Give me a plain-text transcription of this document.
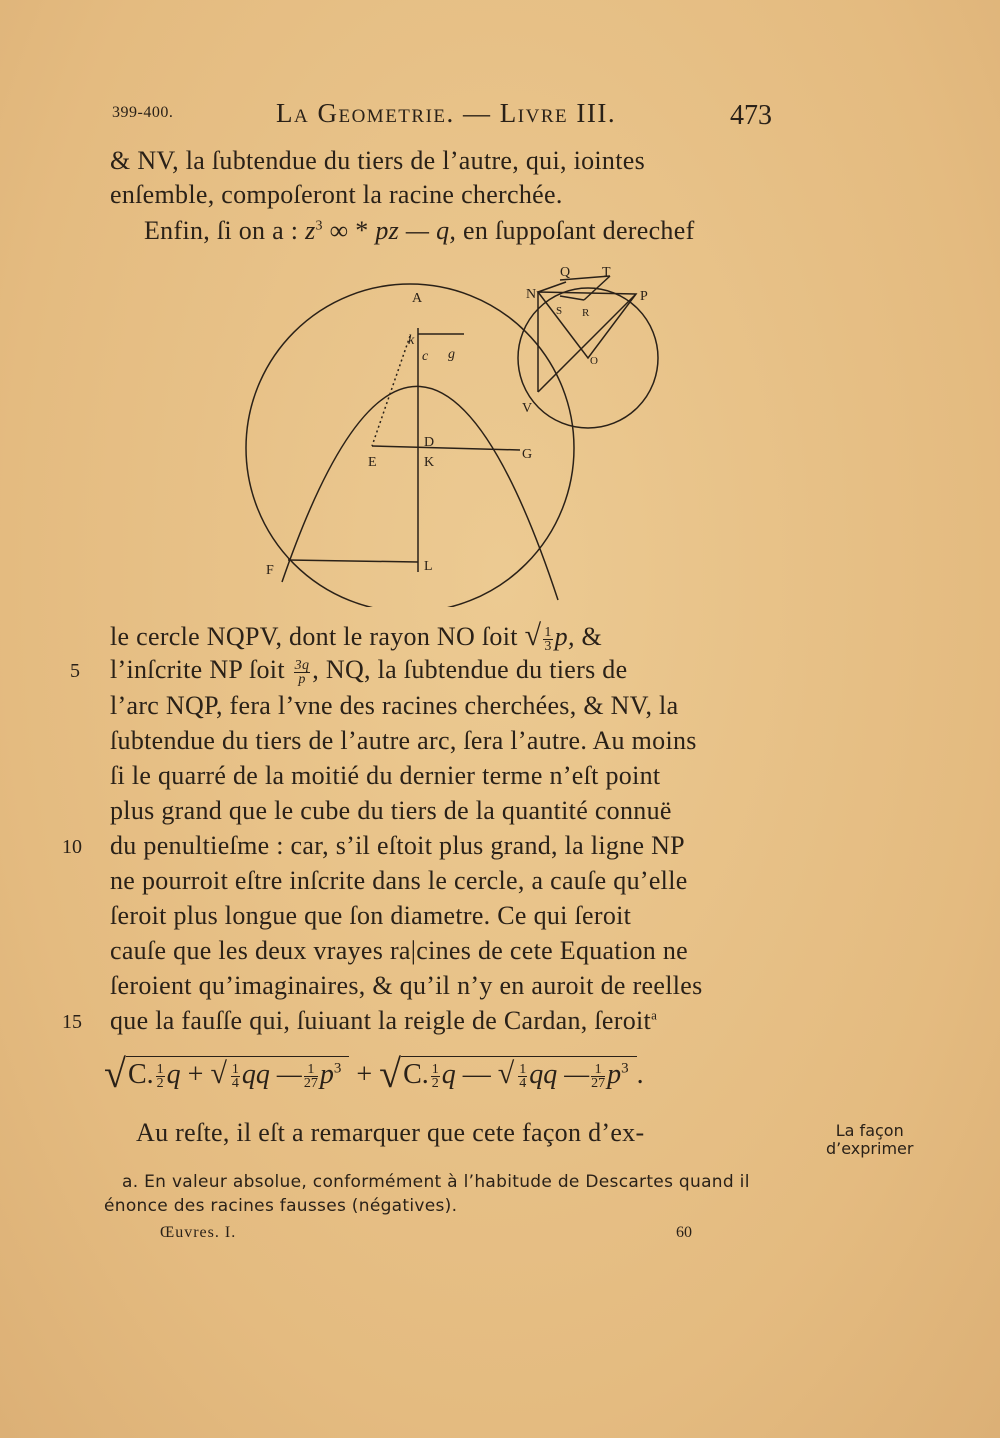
399-400.	La Geometrie. — Livre III.	473
& NV, la ſubtendue du tiers de l’autre, qui, iointes
enſemble, compoſeront la racine cherchée.
Enfin, ſi on a : $z^3$ ∞ * pz — q, en ſuppoſant derechef
A
k
c g
D
E	K
G
F	L
Q T
N	P
S R
O
V
le cercle NQPV, dont le rayon NO ſoit √ $\frac{1}{3} p$, &
5 l’inſcrite NP ſoit $\frac{3q}{p}$ , NQ, la ſubtendue du tiers de
l’arc NQP, fera l’vne des racines cherchées, & NV, la
ſubtendue du tiers de l’autre arc, ſera l’autre. Au moins
ſi le quarré de la moitié du dernier terme n’eſt point
plus grand que le cube du tiers de la quantité connuë
10 du penultieſme : car, s’il eſtoit plus grand, la ligne NP
ne pourroit eſtre inſcrite dans le cercle, a cauſe qu’elle
ſeroit plus longue que ſon diametre. Ce qui ſeroit
cauſe que les deux vrayes ra|cines de cete Equation ne
ſeroient qu’imaginaires, & qu’il n’y en auroit de reelles
15 que la fauſſe qui, ſuiuant la reigle de Cardan, ſeroit$^a$
√C. $\frac{1}{2}$ q + √ $\frac{1}{4}$ qq — $\frac{1}{27} p^3 + √C$. $\frac{1}{2}$ q — √ $\frac{1}{4}$ qq — $\frac{1}{27} p^3$ .
Au reſte, il eſt a remarquer que cete façon d’ex-	La façon
d’exprimer
a. En valeur absolue, conformément à l’habitude de Descartes quand il
énonce des racines fausses (négatives).
Œuvres. I.	60
